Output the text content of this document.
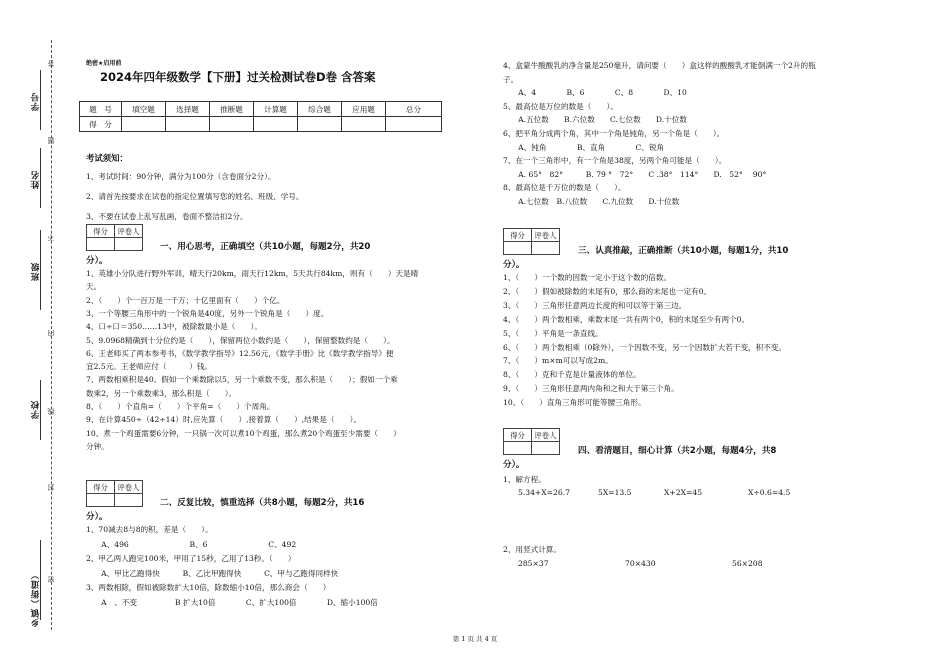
学号
姓名
班级
学校
乡镇（街道）
答
题
不
内
线
封
密
绝密★启用前
2024年四年级数学【下册】过关检测试卷D卷 含答案
题　号	填空题	选择题	推断题	计算题	综合题	应用题	总分
得　分							
考试须知：
1、考试时间：90分钟，满分为100分（含卷面分2分）。
2、请首先按要求在试卷的指定位置填写您的姓名、班级、学号。
3、不要在试卷上乱写乱画，卷面不整洁扣2分。
得分	评卷人

一、用心思考，正确填空（共10小题，每题2分，共20
分）。
1、英雄小分队进行野外军训，晴天行20km，雨天行12km，5天共行84km，则有（　　）天是晴
天。
2、（　　）个一百万是一千万；十亿里面有（　　）个亿。
3、一个等腰三角形中的一个锐角是40度，另外一个锐角是（　　）度。
4、口÷口＝350……13中，被除数最小是（　　）。
5、9.0968精确到十分位约是（　　），保留两位小数约是（　　），保留整数约是（　　）。
6、王老师买了两本参考书，《数学教学指导》12.56元，《数学手册》比《数学教学指导》便
宜2.5元。王老师应付（　　　）钱。
7、两数相乘积是40。假如一个乘数除以5，另一个乘数不变，那么积是（　　）；假如一个乘
数乘2，另一个乘数乘3，那么积是（　　）。
8、（　　）个直角=（　　）个平角=（　　）个周角。
9、在计算450÷（42÷14）时,应先算（　　）,接着算（　　）,结果是（　　）。
10、煮一个鸡蛋需要6分钟，一只锅一次可以煮10个鸡蛋，那么煮20个鸡蛋至少需要（　　）
分钟。
得分	评卷人

二、反复比较，慎重选择（共8小题，每题2分，共16
分）。
1、70减去8与8的积，差是（　　）。
　　A、496　　　　　　　　B、6　　　　　　　　C、492
2、甲乙两人跑完100米，甲用了15秒，乙用了13秒。（　　）
　　A、甲比乙跑得快　　　B、乙比甲跑得快　　　C、甲与乙跑得同样快
3、两数相除，假如被除数扩大10倍，除数缩小10倍，那么商会（　　）
　　A　、不变　　　　　B 扩大10倍　　　　C、扩大100倍　　　　D、缩小100倍
4、盒蒙牛酸酸乳的净含量是250毫升，请问要（　　）盒这样的酸酸乳才能倒满一个2升的瓶
子。
　　A、4　　　　B、6　　　　C、8　　　　D、10
5、最高位是万位的数是（　　）。
　　A.五位数　　B.六位数　　C.七位数　　D.十位数
6、把平角分成两个角，其中一个角是钝角，另一个角是（　　）。
　　A、钝角　　　　B、直角　　　　C、锐角
7、在一个三角形中，有一个角是38度，另两个角可能是（　　）。
　　A. 65°　82°　　　B. 79 °　72°　　C .38°　114°　　D.　52°　 90°
8、最高位是千万位的数是（　　）。
　　A.七位数　B.八位数　　C.九位数　　D.十位数
得分	评卷人

三、认真推敲，正确推断（共10小题，每题1分，共10
分）。
1、（　　）一个数的因数一定小于这个数的倍数。
2、（　　）假如被除数的末尾有0，那么商的末尾也一定有0。
3、（　　）三角形任意两边长度的和可以等于第三边。
4、（　　）两个数相乘，乘数末尾一共有两个0，积的末尾至少有两个0。
5、（　　）平角是一条直线。
6、（　　）两个数相乘（0除外），一个因数不变，另一个因数扩大若干变，积不变。
7、（　　）m×m可以写成2m。
8、（　　）克和千克是计量液体的单位。
9、（　　）三角形任意两内角和之和大于第三个角。
10、（　　）直角三角形可能等腰三角形。
得分	评卷人

四、看清题目，细心计算（共2小题，每题4分，共8
分）。
1、解方程。
5.34+X=26.7	5X=13.5	X+2X=45	X÷0.6=4.5
2、用竖式计算。
285×37	70×430	56×208
第 1 页 共 4 页
